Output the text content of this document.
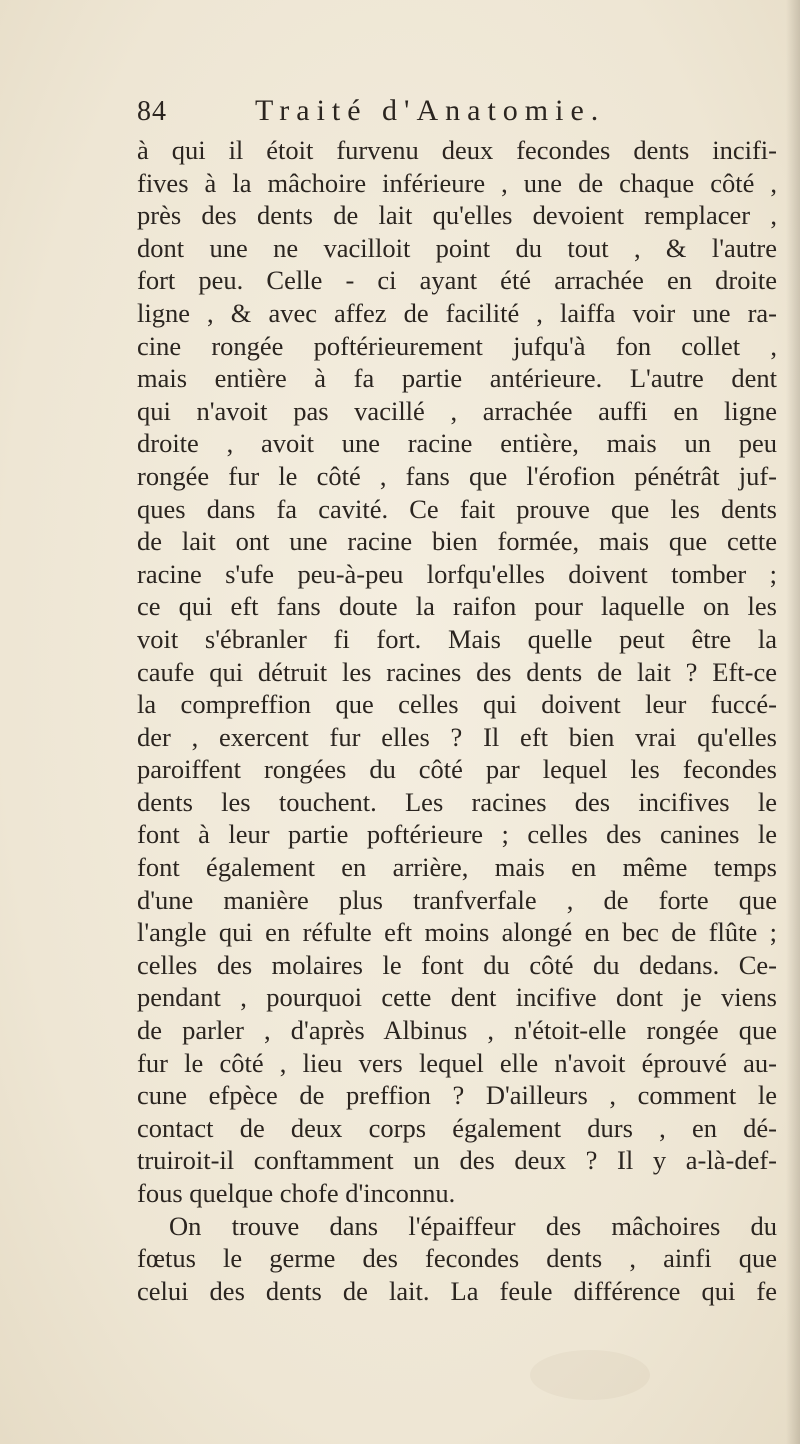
84	Traité d'Anatomie.
à qui il étoit furvenu deux fecondes dents incifi-
fives à la mâchoire inférieure , une de chaque côté ,
près des dents de lait qu'elles devoient remplacer ,
dont une ne vacilloit point du tout , & l'autre
fort peu. Celle - ci ayant été arrachée en droite
ligne , & avec affez de facilité , laiffa voir une ra-
cine rongée poftérieurement jufqu'à fon collet ,
mais entière à fa partie antérieure. L'autre dent
qui n'avoit pas vacillé , arrachée auffi en ligne
droite , avoit une racine entière, mais un peu
rongée fur le côté , fans que l'érofion pénétrât juf-
ques dans fa cavité. Ce fait prouve que les dents
de lait ont une racine bien formée, mais que cette
racine s'ufe peu-à-peu lorfqu'elles doivent tomber ;
ce qui eft fans doute la raifon pour laquelle on les
voit s'ébranler fi fort. Mais quelle peut être la
caufe qui détruit les racines des dents de lait ? Eft-ce
la compreffion que celles qui doivent leur fuccé-
der , exercent fur elles ? Il eft bien vrai qu'elles
paroiffent rongées du côté par lequel les fecondes
dents les touchent. Les racines des incifives le
font à leur partie poftérieure ; celles des canines le
font également en arrière, mais en même temps
d'une manière plus tranfverfale , de forte que
l'angle qui en réfulte eft moins alongé en bec de flûte ;
celles des molaires le font du côté du dedans. Ce-
pendant , pourquoi cette dent incifive dont je viens
de parler , d'après Albinus , n'étoit-elle rongée que
fur le côté , lieu vers lequel elle n'avoit éprouvé au-
cune efpèce de preffion ? D'ailleurs , comment le
contact de deux corps également durs , en dé-
truiroit-il conftamment un des deux ? Il y a-là-def-
fous quelque chofe d'inconnu.
On trouve dans l'épaiffeur des mâchoires du
fœtus le germe des fecondes dents , ainfi que
celui des dents de lait. La feule différence qui fe
